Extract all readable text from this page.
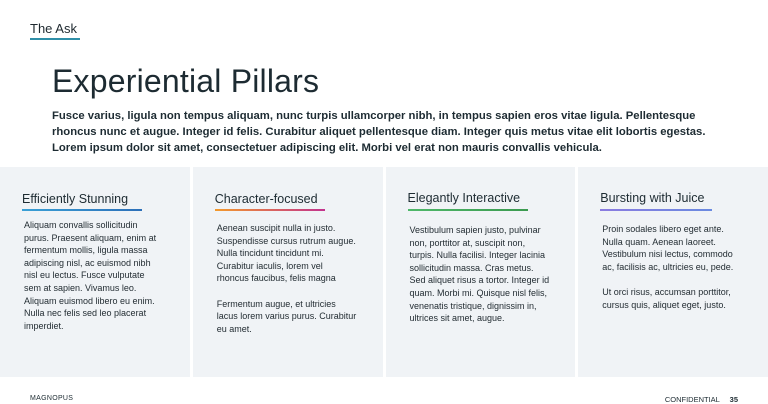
The Ask
Experiential Pillars

Fusce varius, ligula non tempus aliquam, nunc turpis ullamcorper nibh, in tempus sapien eros vitae ligula. Pellentesque rhoncus nunc et augue. Integer id felis. Curabitur aliquet pellentesque diam. Integer quis metus vitae elit lobortis egestas. Lorem ipsum dolor sit amet, consectetuer adipiscing elit. Morbi vel erat non mauris convallis vehicula.

Efficiently Stunning

Aliquam convallis sollicitudin purus. Praesent aliquam, enim at fermentum mollis, ligula massa adipiscing nisl, ac euismod nibh nisl eu lectus. Fusce vulputate sem at sapien. Vivamus leo. Aliquam euismod libero eu enim. Nulla nec felis sed leo placerat imperdiet.

Character-focused

Aenean suscipit nulla in justo. Suspendisse cursus rutrum augue. Nulla tincidunt tincidunt mi. Curabitur iaculis, lorem vel rhoncus faucibus, felis magna

Fermentum augue, et ultricies lacus lorem varius purus. Curabitur eu amet.

Elegantly Interactive

Vestibulum sapien justo, pulvinar non, porttitor at, suscipit non, turpis. Nulla facilisi. Integer lacinia sollicitudin massa. Cras metus. Sed aliquet risus a tortor. Integer id quam. Morbi mi. Quisque nisl felis, venenatis tristique, dignissim in, ultrices sit amet, augue.

Bursting with Juice

Proin sodales libero eget ante. Nulla quam. Aenean laoreet. Vestibulum nisi lectus, commodo ac, facilisis ac, ultricies eu, pede.

Ut orci risus, accumsan porttitor, cursus quis, aliquet eget, justo.

MAGNOPUS	CONFIDENTIAL 35
